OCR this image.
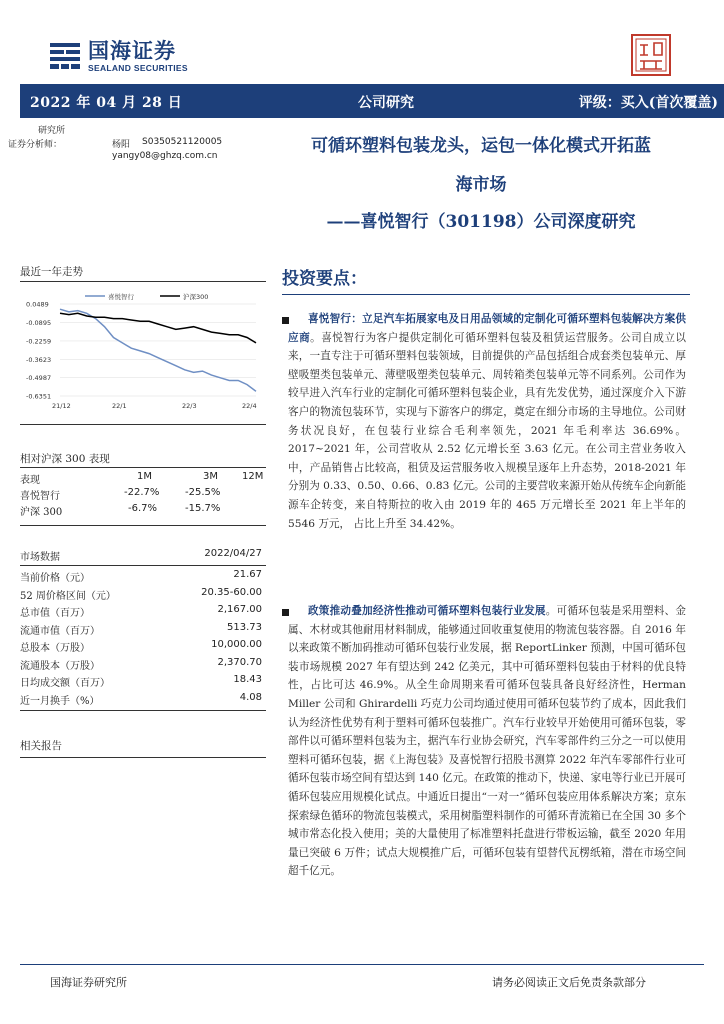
国海证券
SEALAND SECURITIES
2022 年 04 月 28 日	公司研究	评级：买入(首次覆盖)
研究所
证券分析师：	杨阳 S0350521120005
yangy08@ghzq.com.cn	可循环塑料包装龙头，运包一体化模式开拓蓝
海市场
——喜悦智行（301198）公司深度研究
最近一年走势
喜悦智行	沪深300
0.0489
-0.0895
-0.2259
-0.3623
-0.4987
-0.6351
21/12	22/1	22/3	22/4
相对沪深 300 表现
表现	1M	3M 12M
喜悦智行	-22.7%	-25.5%
沪深 300	-6.7%	-15.7%
市场数据	2022/04/27
当前价格（元）	21.67
52 周价格区间（元）	20.35-60.00
总市值（百万）	2,167.00
流通市值（百万）	513.73
总股本（万股）	10,000.00
流通股本（万股）	2,370.70
日均成交额（百万）	18.43
近一月换手（%）	4.08
相关报告
投资要点：
喜悦智行：立足汽车拓展家电及日用品领域的定制化可循环塑料包装解决方案供应商。喜悦智行为客户提供定制化可循环塑料包装及租赁运营服务。公司自成立以来，一直专注于可循环塑料包装领域，目前提供的产品包括组合成套类包装单元、厚壁吸塑类包装单元、薄壁吸塑类包装单元、周转箱类包装单元等不同系列。公司作为较早进入汽车行业的定制化可循环塑料包装企业，具有先发优势，通过深度介入下游客户的物流包装环节，实现与下游客户的绑定，奠定在细分市场的主导地位。公司财务状况良好，在包装行业综合毛利率领先，2021 年毛利率达 36.69%。2017~2021 年，公司营收从 2.52 亿元增长至 3.63 亿元。在公司主营业务收入中，产品销售占比较高，租赁及运营服务收入规模呈逐年上升态势，2018-2021 年分别为 0.33、0.50、0.66、0.83 亿元。公司的主要营收来源开始从传统车企向新能源车企转变，来自特斯拉的收入由 2019 年的 465 万元增长至 2021 年上半年的 5546 万元， 占比上升至 34.42%。
政策推动叠加经济性推动可循环塑料包装行业发展。可循环包装是采用塑料、金属、木材或其他耐用材料制成，能够通过回收重复使用的物流包装容器。自 2016 年以来政策不断加码推动可循环包装行业发展，据 ReportLinker 预测，中国可循环包装市场规模 2027 年有望达到 242 亿美元，其中可循环塑料包装由于材料的优良特性，占比可达 46.9%。从全生命周期来看可循环包装具备良好经济性，Herman Miller 公司和 Ghirardelli 巧克力公司均通过使用可循环包装节约了成本，因此我们认为经济性优势有利于塑料可循环包装推广。汽车行业较早开始使用可循环包装，零部件以可循环塑料包装为主，据汽车行业协会研究，汽车零部件约三分之一可以使用塑料可循环包装，据《上海包装》及喜悦智行招股书测算 2022 年汽车零部件行业可循环包装市场空间有望达到 140 亿元。在政策的推动下，快递、家电等行业已开展可循环包装应用规模化试点。中通近日提出“一对一”循环包装应用体系解决方案；京东探索绿色循环的物流包装模式，采用树脂塑料制作的可循环青流箱已在全国 30 多个城市常态化投入使用；美的大量使用了标准塑料托盘进行带板运输，截至 2020 年用量已突破 6 万件；试点大规模推广后，可循环包装有望替代瓦楞纸箱，潜在市场空间超千亿元。
国海证券研究所	请务必阅读正文后免责条款部分
